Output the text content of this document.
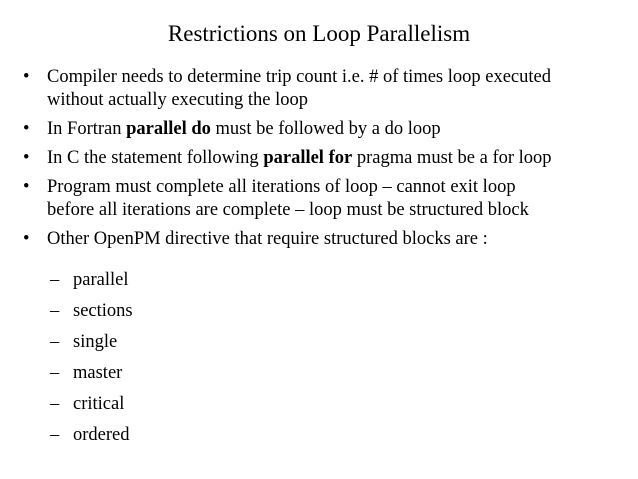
Restrictions on Loop Parallelism
• Compiler needs to determine trip count i.e. # of times loop executed
without actually executing the loop
• In Fortran parallel do must be followed by a do loop
• In C the statement following parallel for pragma must be a for loop
• Program must complete all iterations of loop – cannot exit loop
before all iterations are complete – loop must be structured block
• Other OpenPM directive that require structured blocks are :
– parallel
– sections
– single
– master
– critical
– ordered
